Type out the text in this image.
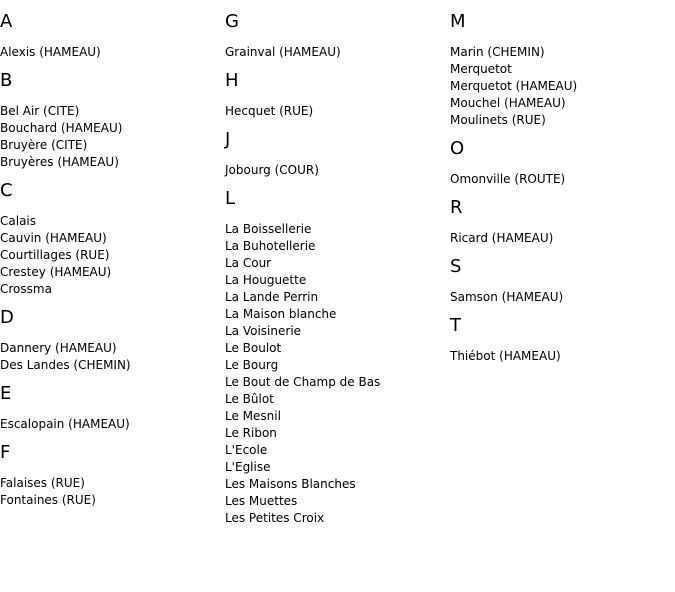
A
Alexis (HAMEAU)
B
Bel Air (CITE)
Bouchard (HAMEAU)
Bruyère (CITE)
Bruyères (HAMEAU)
C
Calais
Cauvin (HAMEAU)
Courtillages (RUE)
Crestey (HAMEAU)
Crossma
D
Dannery (HAMEAU)
Des Landes (CHEMIN)
E
Escalopain (HAMEAU)
F
Falaises (RUE)
Fontaines (RUE)
G
Grainval (HAMEAU)
H
Hecquet (RUE)
J
Jobourg (COUR)
L
La Boissellerie
La Buhotellerie
La Cour
La Houguette
La Lande Perrin
La Maison blanche
La Voisinerie
Le Boulot
Le Bourg
Le Bout de Champ de Bas
Le Bûlot
Le Mesnil
Le Ribon
L'Ecole
L'Eglise
Les Maisons Blanches
Les Muettes
Les Petites Croix
M
Marin (CHEMIN)
Merquetot
Merquetot (HAMEAU)
Mouchel (HAMEAU)
Moulinets (RUE)
O
Omonville (ROUTE)
R
Ricard (HAMEAU)
S
Samson (HAMEAU)
T
Thiébot (HAMEAU)
